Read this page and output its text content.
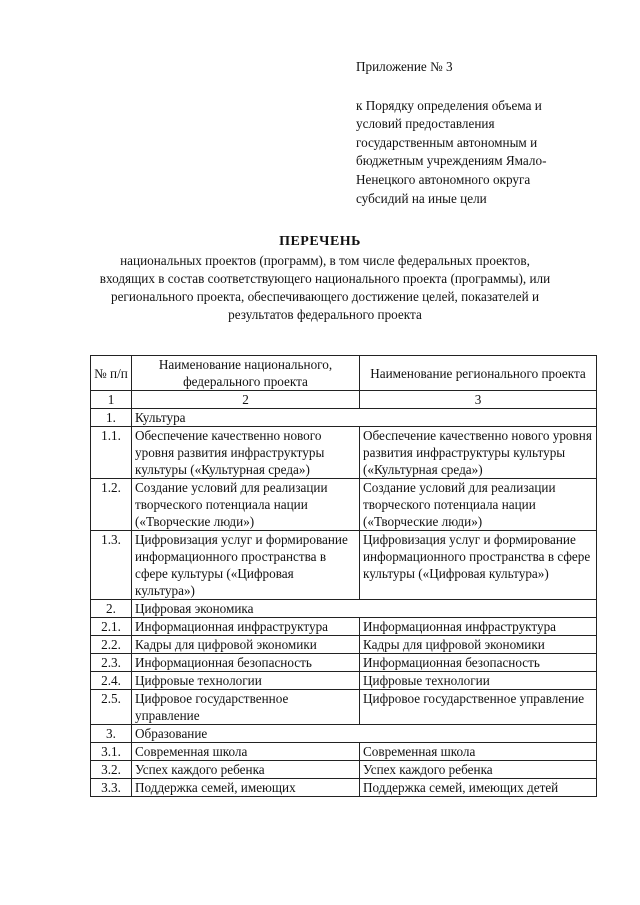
Приложение № 3
к Порядку определения объема и
условий предоставления
государственным автономным и
бюджетным учреждениям Ямало-
Ненецкого автономного округа
субсидий на иные цели
ПЕРЕЧЕНЬ
национальных проектов (программ), в том числе федеральных проектов,
входящих в состав соответствующего национального проекта (программы), или
регионального проекта, обеспечивающего достижение целей, показателей и
результатов федерального проекта
№ п/п	Наименование национального, федерального проекта	Наименование регионального проекта
1	2	3
1.	Культура	
1.1.	Обеспечение качественно нового уровня развития инфраструктуры культуры («Культурная среда»)	Обеспечение качественно нового уровня развития инфраструктуры культуры («Культурная среда»)
1.2.	Создание условий для реализации творческого потенциала нации («Творческие люди»)	Создание условий для реализации творческого потенциала нации («Творческие люди»)
1.3.	Цифровизация услуг и формирование информационного пространства в сфере культуры («Цифровая культура»)	Цифровизация услуг и формирование информационного пространства в сфере культуры («Цифровая культура»)
2.	Цифровая экономика	
2.1.	Информационная инфраструктура	Информационная инфраструктура
2.2.	Кадры для цифровой экономики	Кадры для цифровой экономики
2.3.	Информационная безопасность	Информационная безопасность
2.4.	Цифровые технологии	Цифровые технологии
2.5.	Цифровое государственное управление	Цифровое государственное управление
3.	Образование	
3.1.	Современная школа	Современная школа
3.2.	Успех каждого ребенка	Успех каждого ребенка
3.3.	Поддержка семей, имеющих	Поддержка семей, имеющих детей
